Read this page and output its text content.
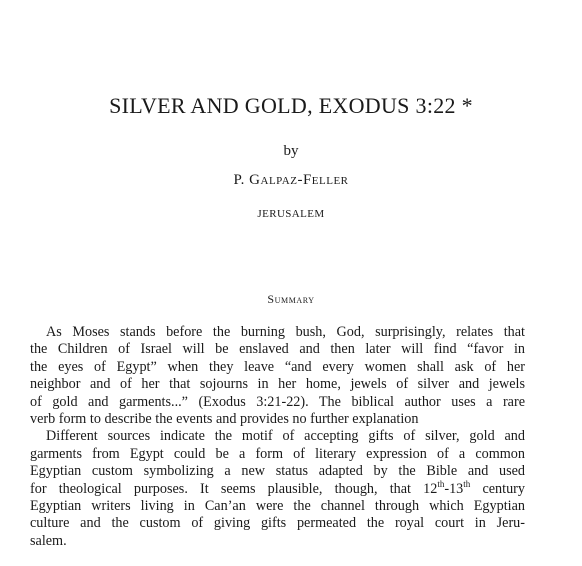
SILVER AND GOLD, EXODUS 3:22 *
by
P. Galpaz-Feller
JERUSALEM
Summary
As Moses stands before the burning bush, God, surprisingly, relates that
the Children of Israel will be enslaved and then later will find “favor in
the eyes of Egypt” when they leave “and every women shall ask of her
neighbor and of her that sojourns in her home, jewels of silver and jewels
of gold and garments...” (Exodus 3:21-22). The biblical author uses a rare
verb form to describe the events and provides no further explanation
Different sources indicate the motif of accepting gifts of silver, gold and
garments from Egypt could be a form of literary expression of a common
Egyptian custom symbolizing a new status adapted by the Bible and used
for theological purposes. It seems plausible, though, that 12th-13th century
Egyptian writers living in Can’an were the channel through which Egyptian
culture and the custom of giving gifts permeated the royal court in Jeru-
salem.
